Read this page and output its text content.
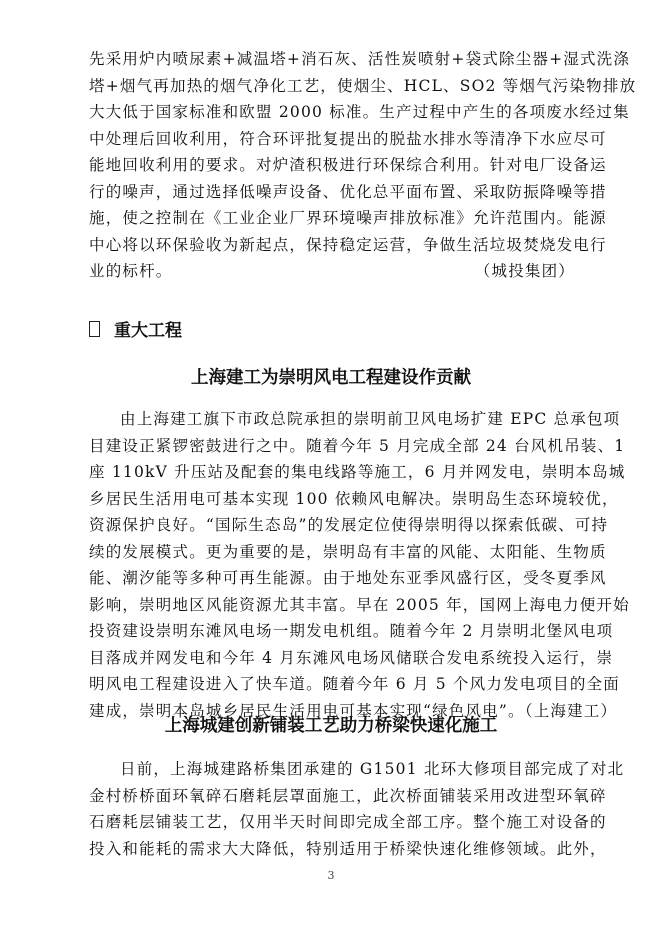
先采用炉内喷尿素+减温塔+消石灰、活性炭喷射+袋式除尘器+湿式洗涤
塔+烟气再加热的烟气净化工艺，使烟尘、HCL、SO2 等烟气污染物排放
大大低于国家标准和欧盟 2000 标准。生产过程中产生的各项废水经过集
中处理后回收利用，符合环评批复提出的脱盐水排水等清净下水应尽可
能地回收利用的要求。对炉渣积极进行环保综合利用。针对电厂设备运
行的噪声，通过选择低噪声设备、优化总平面布置、采取防振降噪等措
施，使之控制在《工业企业厂界环境噪声排放标准》允许范围内。能源
中心将以环保验收为新起点，保持稳定运营，争做生活垃圾焚烧发电行
业的标杆。	（城投集团）
重大工程
上海建工为崇明风电工程建设作贡献
由上海建工旗下市政总院承担的崇明前卫风电场扩建 EPC 总承包项
目建设正紧锣密鼓进行之中。随着今年 5 月完成全部 24 台风机吊装、1
座 110kV 升压站及配套的集电线路等施工，6 月并网发电，崇明本岛城
乡居民生活用电可基本实现 100 依赖风电解决。崇明岛生态环境较优，
资源保护良好。“国际生态岛”的发展定位使得崇明得以探索低碳、可持
续的发展模式。更为重要的是，崇明岛有丰富的风能、太阳能、生物质
能、潮汐能等多种可再生能源。由于地处东亚季风盛行区，受冬夏季风
影响，崇明地区风能资源尤其丰富。早在 2005 年，国网上海电力便开始
投资建设崇明东滩风电场一期发电机组。随着今年 2 月崇明北堡风电项
目落成并网发电和今年 4 月东滩风电场风储联合发电系统投入运行，崇
明风电工程建设进入了快车道。随着今年 6 月 5 个风力发电项目的全面
建成，崇明本岛城乡居民生活用电可基本实现“绿色风电”。（上海建工）
上海城建创新铺装工艺助力桥梁快速化施工
日前，上海城建路桥集团承建的 G1501 北环大修项目部完成了对北
金村桥桥面环氧碎石磨耗层罩面施工，此次桥面铺装采用改进型环氧碎
石磨耗层铺装工艺，仅用半天时间即完成全部工序。整个施工对设备的
投入和能耗的需求大大降低，特别适用于桥梁快速化维修领域。此外，
3
